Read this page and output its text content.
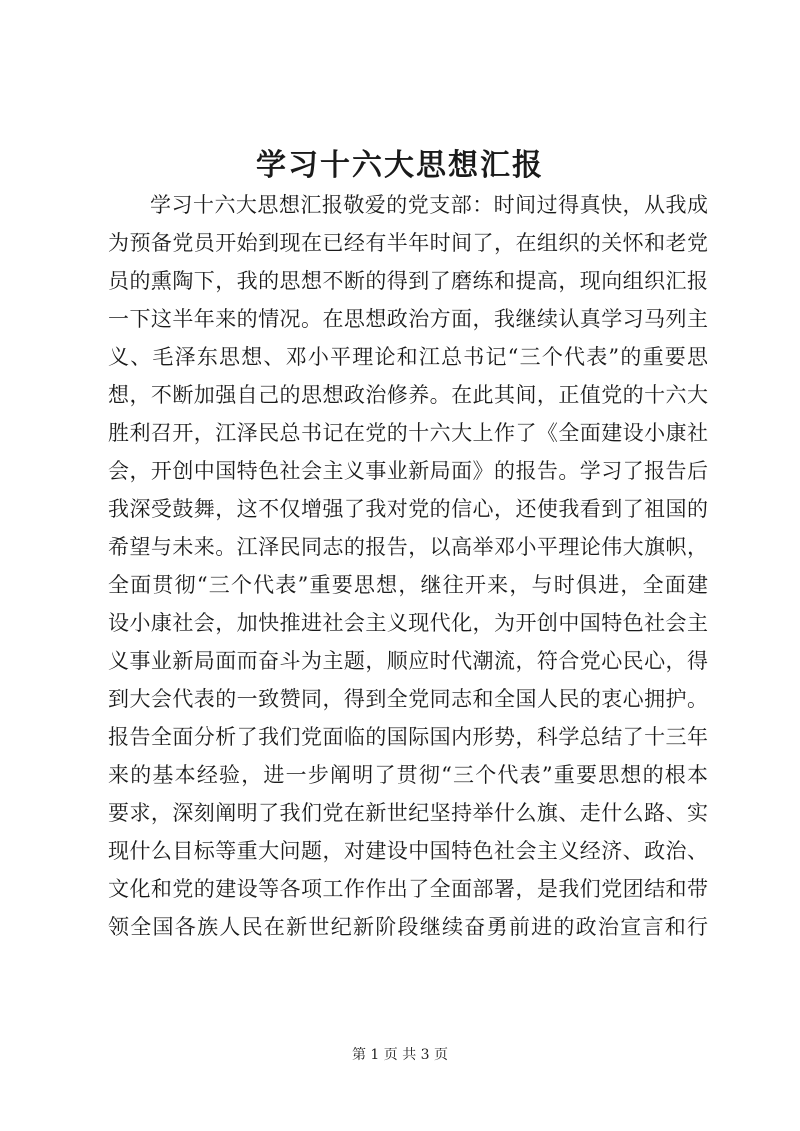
学习十六大思想汇报
学习十六大思想汇报敬爱的党支部：时间过得真快，从我成
为预备党员开始到现在已经有半年时间了，在组织的关怀和老党
员的熏陶下，我的思想不断的得到了磨练和提高，现向组织汇报
一下这半年来的情况。在思想政治方面，我继续认真学习马列主
义、毛泽东思想、邓小平理论和江总书记“三个代表”的重要思
想，不断加强自己的思想政治修养。在此其间，正值党的十六大
胜利召开，江泽民总书记在党的十六大上作了《全面建设小康社
会，开创中国特色社会主义事业新局面》的报告。学习了报告后
我深受鼓舞，这不仅增强了我对党的信心，还使我看到了祖国的
希望与未来。江泽民同志的报告，以高举邓小平理论伟大旗帜，
全面贯彻“三个代表”重要思想，继往开来，与时俱进，全面建
设小康社会，加快推进社会主义现代化，为开创中国特色社会主
义事业新局面而奋斗为主题，顺应时代潮流，符合党心民心，得
到大会代表的一致赞同，得到全党同志和全国人民的衷心拥护。
报告全面分析了我们党面临的国际国内形势，科学总结了十三年
来的基本经验，进一步阐明了贯彻“三个代表”重要思想的根本
要求，深刻阐明了我们党在新世纪坚持举什么旗、走什么路、实
现什么目标等重大问题，对建设中国特色社会主义经济、政治、
文化和党的建设等各项工作作出了全面部署，是我们党团结和带
领全国各族人民在新世纪新阶段继续奋勇前进的政治宣言和行
第 1 页 共 3 页
